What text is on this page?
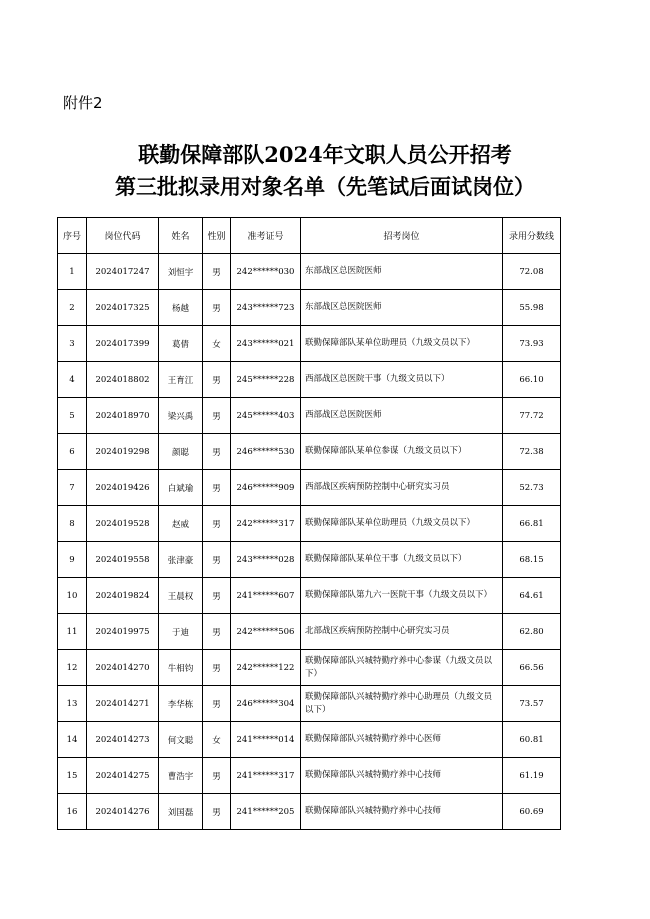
附件2
联勤保障部队2024年文职人员公开招考
第三批拟录用对象名单（先笔试后面试岗位）
序号	岗位代码	姓名	性别	准考证号	招考岗位	录用分数线
1	2024017247	刘恒宇	男	242******030	东部战区总医院医师	72.08
2	2024017325	杨越	男	243******723	东部战区总医院医师	55.98
3	2024017399	葛倩	女	243******021	联勤保障部队某单位助理员（九级文员以下）	73.93
4	2024018802	王育江	男	245******228	西部战区总医院干事（九级文员以下）	66.10
5	2024018970	梁兴禹	男	245******403	西部战区总医院医师	77.72
6	2024019298	颜聪	男	246******530	联勤保障部队某单位参谋（九级文员以下）	72.38
7	2024019426	白斌瑜	男	246******909	西部战区疾病预防控制中心研究实习员	52.73
8	2024019528	赵威	男	242******317	联勤保障部队某单位助理员（九级文员以下）	66.81
9	2024019558	张津豪	男	243******028	联勤保障部队某单位干事（九级文员以下）	68.15
10	2024019824	王晨权	男	241******607	联勤保障部队第九六一医院干事（九级文员以下）	64.61
11	2024019975	于迪	男	242******506	北部战区疾病预防控制中心研究实习员	62.80
12	2024014270	牛相钧	男	242******122	联勤保障部队兴城特勤疗养中心参谋（九级文员以下）	66.56
13	2024014271	李华栋	男	246******304	联勤保障部队兴城特勤疗养中心助理员（九级文员以下）	73.57
14	2024014273	何文聪	女	241******014	联勤保障部队兴城特勤疗养中心医师	60.81
15	2024014275	曹浩宇	男	241******317	联勤保障部队兴城特勤疗养中心技师	61.19
16	2024014276	刘国磊	男	241******205	联勤保障部队兴城特勤疗养中心技师	60.69
